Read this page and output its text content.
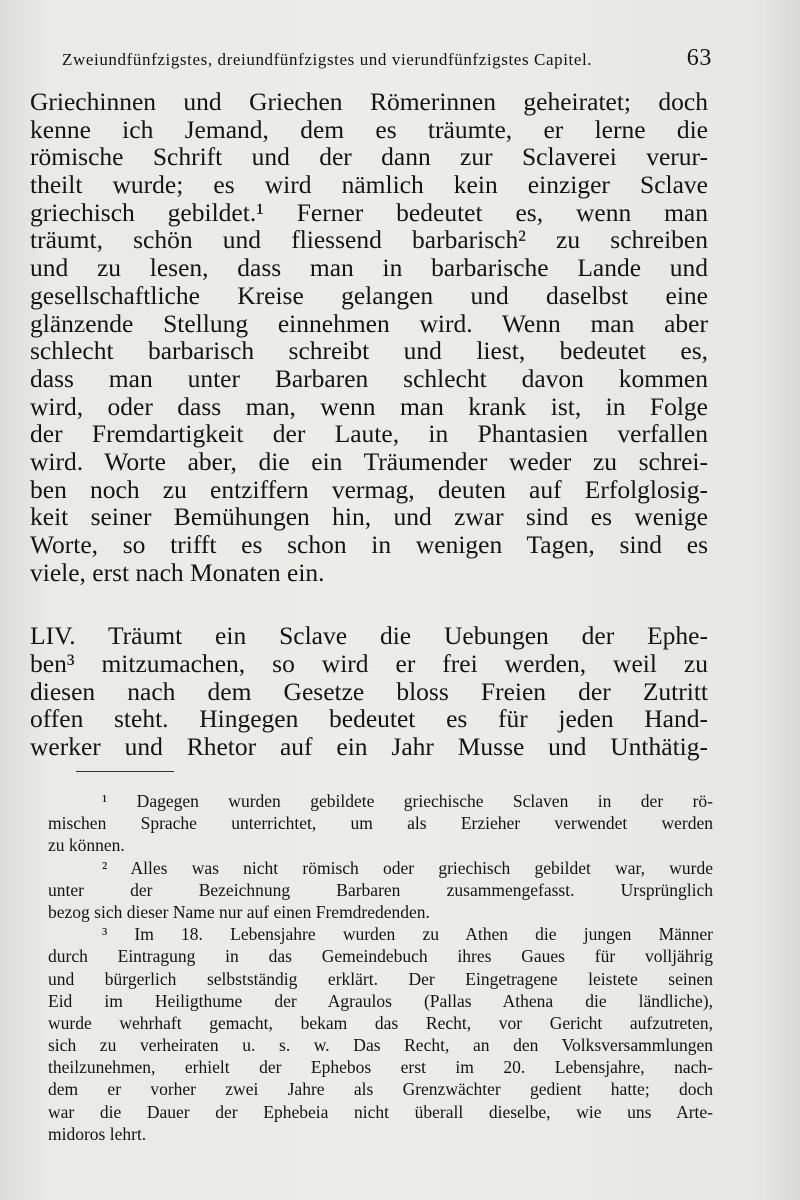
Zweiundfünfzigstes, dreiundfünfzigstes und vierundfünfzigstes Capitel.	63
Griechinnen und Griechen Römerinnen geheiratet; doch
kenne ich Jemand, dem es träumte, er lerne die
römische Schrift und der dann zur Sclaverei verur-
theilt wurde; es wird nämlich kein einziger Sclave
griechisch gebildet.¹ Ferner bedeutet es, wenn man
träumt, schön und fliessend barbarisch² zu schreiben
und zu lesen, dass man in barbarische Lande und
gesellschaftliche Kreise gelangen und daselbst eine
glänzende Stellung einnehmen wird. Wenn man aber
schlecht barbarisch schreibt und liest, bedeutet es,
dass man unter Barbaren schlecht davon kommen
wird, oder dass man, wenn man krank ist, in Folge
der Fremdartigkeit der Laute, in Phantasien verfallen
wird. Worte aber, die ein Träumender weder zu schrei-
ben noch zu entziffern vermag, deuten auf Erfolglosig-
keit seiner Bemühungen hin, und zwar sind es wenige
Worte, so trifft es schon in wenigen Tagen, sind es
viele, erst nach Monaten ein.
LIV. Träumt ein Sclave die Uebungen der Ephe-
ben³ mitzumachen, so wird er frei werden, weil zu
diesen nach dem Gesetze bloss Freien der Zutritt
offen steht. Hingegen bedeutet es für jeden Hand-
werker und Rhetor auf ein Jahr Musse und Unthätig-
¹ Dagegen wurden gebildete griechische Sclaven in der rö-
mischen Sprache unterrichtet, um als Erzieher verwendet werden
zu können.
² Alles was nicht römisch oder griechisch gebildet war, wurde
unter der Bezeichnung Barbaren zusammengefasst. Ursprünglich
bezog sich dieser Name nur auf einen Fremdredenden.
³ Im 18. Lebensjahre wurden zu Athen die jungen Männer
durch Eintragung in das Gemeindebuch ihres Gaues für volljährig
und bürgerlich selbstständig erklärt. Der Eingetragene leistete seinen
Eid im Heiligthume der Agraulos (Pallas Athena die ländliche),
wurde wehrhaft gemacht, bekam das Recht, vor Gericht aufzutreten,
sich zu verheiraten u. s. w. Das Recht, an den Volksversammlungen
theilzunehmen, erhielt der Ephebos erst im 20. Lebensjahre, nach-
dem er vorher zwei Jahre als Grenzwächter gedient hatte; doch
war die Dauer der Ephebeia nicht überall dieselbe, wie uns Arte-
midoros lehrt.
